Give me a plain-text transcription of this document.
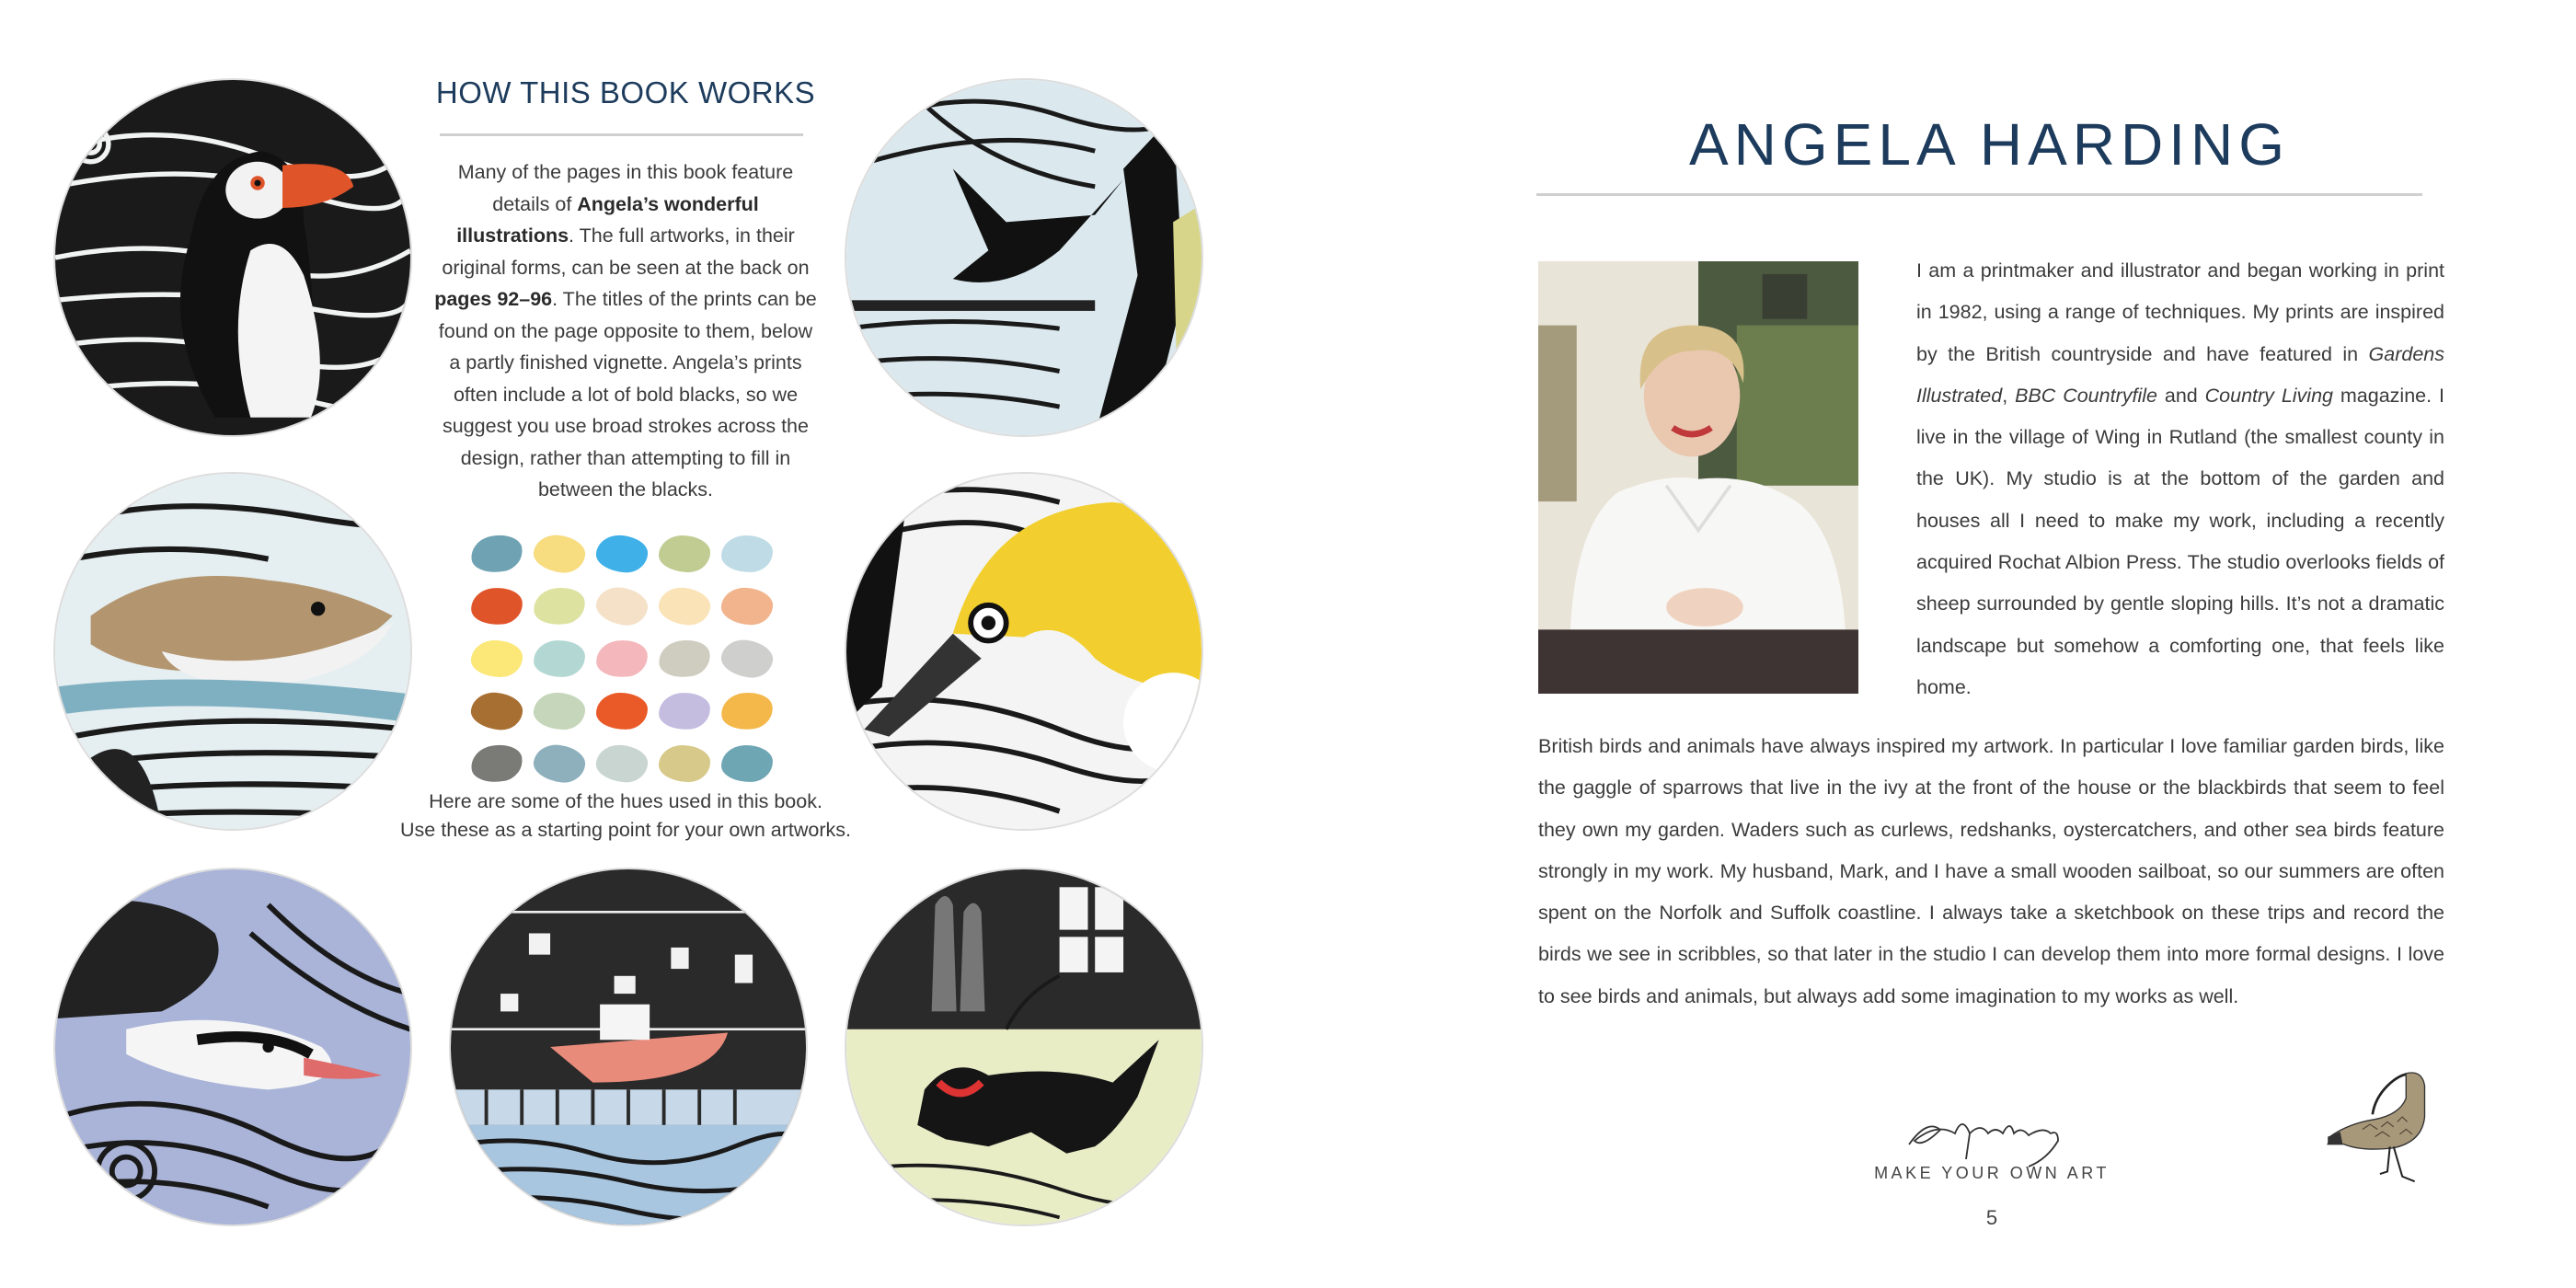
HOW THIS BOOK WORKS

Many of the pages in this book feature details of Angela’s wonderful illustrations. The full artworks, in their original forms, can be seen at the back on pages 92–96. The titles of the prints can be found on the page opposite to them, below a partly finished vignette. Angela’s prints often include a lot of bold blacks, so we suggest you use broad strokes across the design, rather than attempting to fill in between the blacks.

Here are some of the hues used in this book.
Use these as a starting point for your own artworks.

ANGELA HARDING

I am a printmaker and illustrator and began working in print in 1982, using a range of techniques. My prints are inspired by the British countryside and have featured in Gardens Illustrated, BBC Countryfile and Country Living magazine. I live in the village of Wing in Rutland (the smallest county in the UK). My studio is at the bottom of the garden and houses all I need to make my work, including a recently acquired Rochat Albion Press. The studio overlooks fields of sheep surrounded by gentle sloping hills. It’s not a dramatic landscape but somehow a comforting one, that feels like home.

British birds and animals have always inspired my artwork. In particular I love familiar garden birds, like the gaggle of sparrows that live in the ivy at the front of the house or the blackbirds that seem to feel they own my garden. Waders such as curlews, redshanks, oystercatchers, and other sea birds feature strongly in my work. My husband, Mark, and I have a small wooden sailboat, so our summers are often spent on the Norfolk and Suffolk coastline. I always take a sketchbook on these trips and record the birds we see in scribbles, so that later in the studio I can develop them into more formal designs. I love to see birds and animals, but always add some imagination to my works as well.

MAKE YOUR OWN ART
5
